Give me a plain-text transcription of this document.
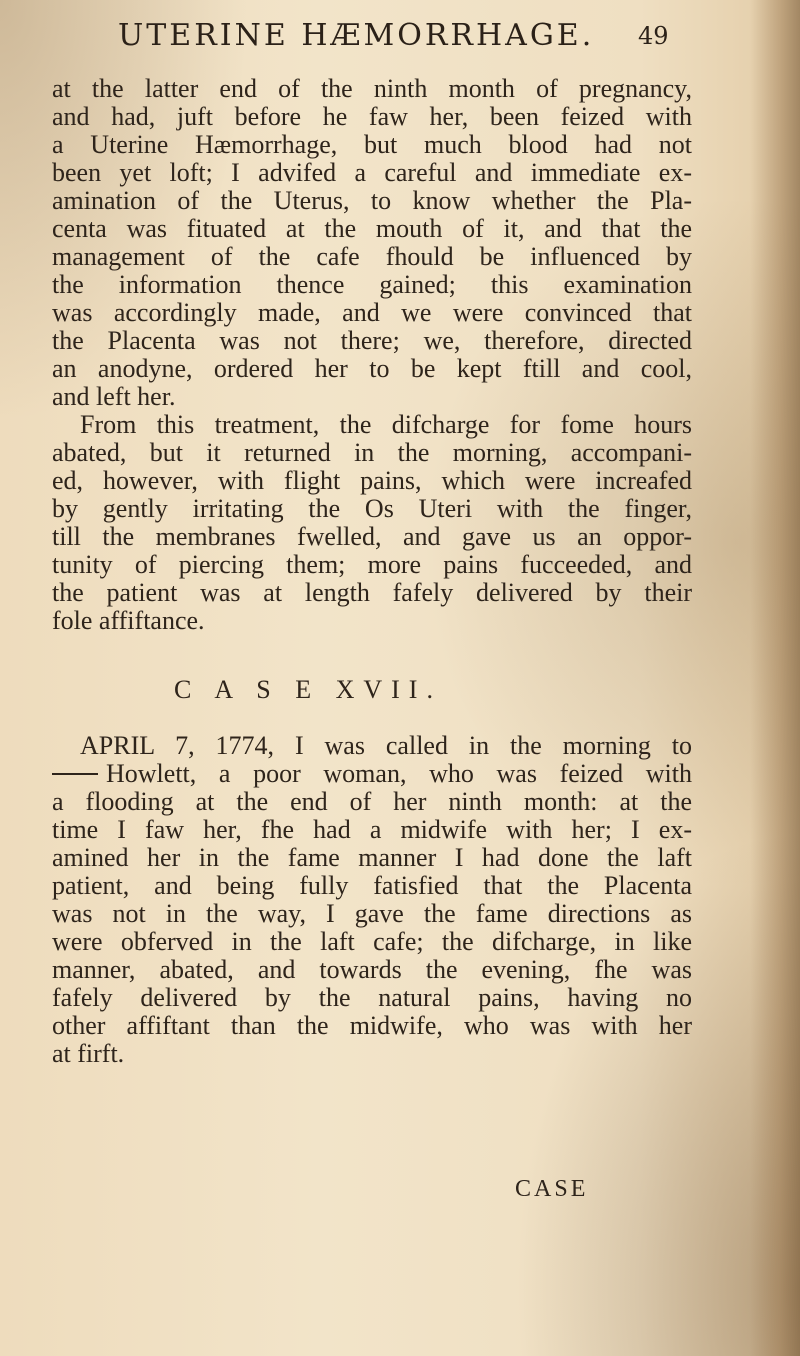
UTERINE HÆMORRHAGE. 49
at the latter end of the ninth month of pregnancy,
and had, juft before he faw her, been feized with
a Uterine Hæmorrhage, but much blood had not
been yet loft; I advifed a careful and immediate ex-
amination of the Uterus, to know whether the Pla-
centa was fituated at the mouth of it, and that the
management of the cafe fhould be influenced by
the information thence gained; this examination
was accordingly made, and we were convinced that
the Placenta was not there; we, therefore, directed
an anodyne, ordered her to be kept ftill and cool,
and left her.
From this treatment, the difcharge for fome hours
abated, but it returned in the morning, accompani-
ed, however, with flight pains, which were increafed
by gently irritating the Os Uteri with the finger,
till the membranes fwelled, and gave us an oppor-
tunity of piercing them; more pains fucceeded, and
the patient was at length fafely delivered by their
fole affiftance.
C A S E XVII.
APRIL 7, 1774, I was called in the morning to
Howlett, a poor woman, who was feized with
a flooding at the end of her ninth month: at the
time I faw her, fhe had a midwife with her; I ex-
amined her in the fame manner I had done the laft
patient, and being fully fatisfied that the Placenta
was not in the way, I gave the fame directions as
were obferved in the laft cafe; the difcharge, in like
manner, abated, and towards the evening, fhe was
fafely delivered by the natural pains, having no
other affiftant than the midwife, who was with her
at firft.
CASE
